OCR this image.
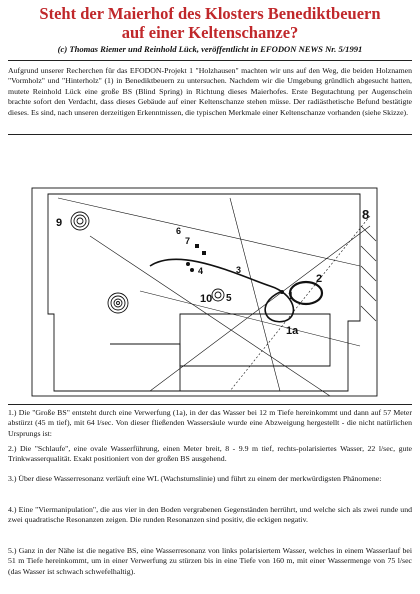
Steht der Maierhof des Klosters Benediktbeuern
auf einer Keltenschanze?
(c) Thomas Riemer und Reinhold Lück, veröffentlicht in EFODON NEWS Nr. 5/1991
Aufgrund unserer Recherchen für das EFODON-Projekt 1 "Holzhausen" machten wir uns auf den Weg, die beiden Holznamen "Vormholz" und "Hinterholz" (1) in Benediktbeuern zu untersuchen. Nachdem wir die Umgebung gründlich abgesucht hatten, mutete Reinhold Lück eine große BS (Blind Spring) in Richtung dieses Maierhofes. Erste Begutachtung per Augenschein brachte sofort den Verdacht, dass dieses Gebäude auf einer Keltenschanze stehen müsse. Der radiästhetische Befund bestätigte dieses. Es sind, nach unseren derzeitigen Erkenntnissen, die typischen Merkmale einer Keltenschanze vorhanden (siehe Skizze).
9
6
7
3
4
10 5
2
1
1a
8
1.) Die "Große BS" entsteht durch eine Verwerfung (1a), in der das Wasser bei 12 m Tiefe hereinkommt und dann auf 57 Meter abstürzt (45 m tief), mit 64 l/sec. Von dieser fließenden Wassersäule wurde eine Abzweigung hergestellt - die nicht natürlichen Ursprungs ist:
2.) Die "Schlaufe", eine ovale Wasserführung, einen Meter breit, 8 - 9.9 m tief, rechts-polarisiertes Wasser, 22 l/sec, gute Trinkwasserqualität. Exakt positioniert von der großen BS ausgehend.
3.) Über diese Wasserresonanz verläuft eine WL (Wachstumslinie) und führt zu einem der merkwürdigsten Phänomene:
4.) Eine "Viermanipulation", die aus vier in den Boden vergrabenen Gegenständen herrührt, und welche sich als zwei runde und zwei quadratische Resonanzen zeigen. Die runden Resonanzen sind positiv, die eckigen negativ.
5.) Ganz in der Nähe ist die negative BS, eine Wasserresonanz von links polarisiertem Wasser, welches in einem Wasserlauf bei 51 m Tiefe hereinkommt, um in einer Verwerfung zu stürzen bis in eine Tiefe von 160 m, mit einer Wassermenge von 75 l/sec (das Wasser ist schwach schwefelhaltig).
